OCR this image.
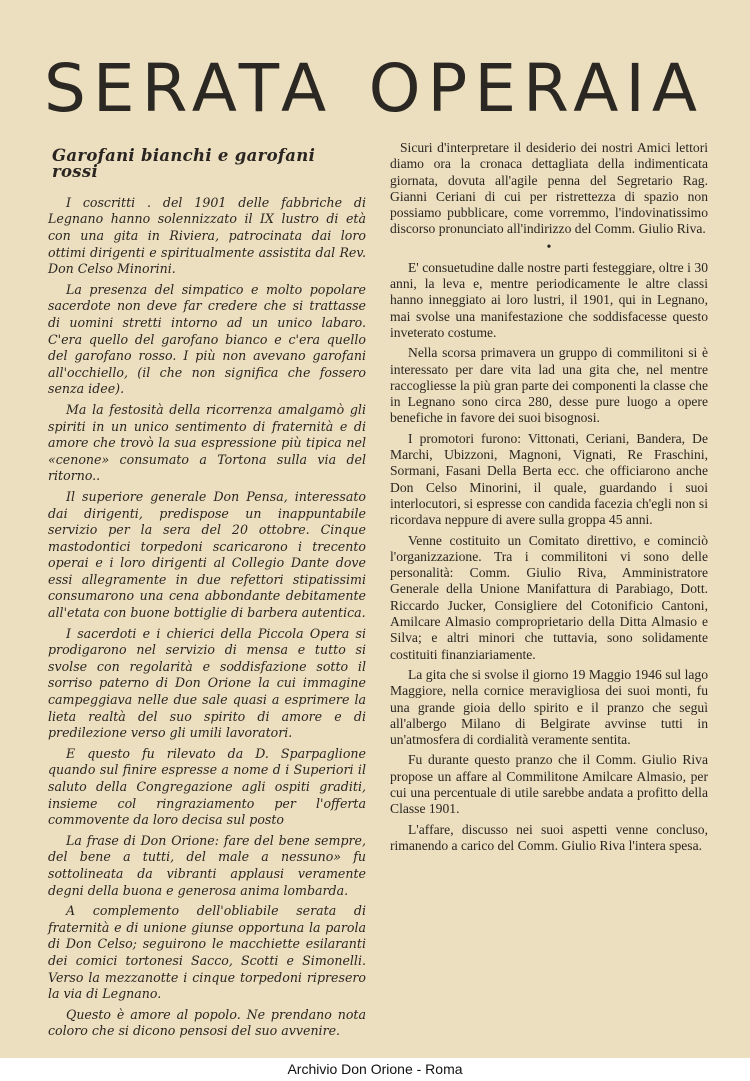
SERATA OPERAIA
Garofani bianchi e garofani rossi

I coscritti . del 1901 delle fabbriche di Legnano hanno solennizzato il IX lustro di età con una gita in Riviera, patrocinata dai loro ottimi dirigenti e spiritualmente assistita dal Rev. Don Celso Minorini.

La presenza del simpatico e molto popolare sacerdote non deve far credere che si trattasse di uomini stretti intorno ad un unico labaro. C'era quello del garofano bianco e c'era quello del garofano rosso. I più non avevano garofani all'occhiello, (il che non significa che fossero senza idee).

Ma la festosità della ricorrenza amalgamò gli spiriti in un unico sentimento di fraternità e di amore che trovò la sua espressione più tipica nel «cenone» consumato a Tortona sulla via del ritorno..

Il superiore generale Don Pensa, interessato dai dirigenti, predispose un inappuntabile servizio per la sera del 20 ottobre. Cinque mastodontici torpedoni scaricarono i trecento operai e i loro dirigenti al Collegio Dante dove essi allegramente in due refettori stipatissimi consumarono una cena abbondante debitamente all'etata con buone bottiglie di barbera autentica.

I sacerdoti e i chierici della Piccola Opera si prodigarono nel servizio di mensa e tutto si svolse con regolarità e soddisfazione sotto il sorriso paterno di Don Orione la cui immagine campeggiava nelle due sale quasi a esprimere la lieta realtà del suo spirito di amore e di predilezione verso gli umili lavoratori.

E questo fu rilevato da D. Sparpaglione quando sul finire espresse a nome d i Superiori il saluto della Congregazione agli ospiti graditi, insieme col ringraziamento per l'offerta commovente da loro decisa sul posto

La frase di Don Orione: fare del bene sempre, del bene a tutti, del male a nessuno» fu sottolineata da vibranti applausi veramente degni della buona e generosa anima lombarda.

A complemento dell'obliabile serata di fraternità e di unione giunse opportuna la parola di Don Celso; seguirono le macchiette esilaranti dei comici tortonesi Sacco, Scotti e Simonelli. Verso la mezzanotte i cinque torpedoni ripresero la via di Legnano.

Questo è amore al popolo. Ne prendano nota coloro che si dicono pensosi del suo avvenire.

Sicuri d'interpretare il desiderio dei nostri Amici lettori diamo ora la cronaca dettagliata della indimenticata giornata, dovuta all'agile penna del Segretario Rag. Gianni Ceriani di cui per ristrettezza di spazio non possiamo pubblicare, come vorremmo, l'indovinatissimo discorso pronunciato all'indirizzo del Comm. Giulio Riva.

•

E' consuetudine dalle nostre parti festeggiare, oltre i 30 anni, la leva e, mentre periodicamente le altre classi hanno inneggiato ai loro lustri, il 1901, qui in Legnano, mai svolse una manifestazione che soddisfacesse questo inveterato costume.

Nella scorsa primavera un gruppo di commilitoni si è interessato per dare vita lad una gita che, nel mentre raccogliesse la più gran parte dei componenti la classe che in Legnano sono circa 280, desse pure luogo a opere benefiche in favore dei suoi bisognosi.

I promotori furono: Vittonati, Ceriani, Bandera, De Marchi, Ubizzoni, Magnoni, Vignati, Re Fraschini, Sormani, Fasani Della Berta ecc. che officiarono anche Don Celso Minorini, il quale, guardando i suoi interlocutori, si espresse con candida facezia ch'egli non si ricordava neppure di avere sulla groppa 45 anni.

Venne costituito un Comitato direttivo, e cominciò l'organizzazione. Tra i commilitoni vi sono delle personalità: Comm. Giulio Riva, Amministratore Generale della Unione Manifattura di Parabiago, Dott. Riccardo Jucker, Consigliere del Cotonificio Cantoni, Amilcare Almasio comproprietario della Ditta Almasio e Silva; e altri minori che tuttavia, sono solidamente costituiti finanziariamente.

La gita che si svolse il giorno 19 Maggio 1946 sul lago Maggiore, nella cornice meravigliosa dei suoi monti, fu una grande gioia dello spirito e il pranzo che seguì all'albergo Milano di Belgirate avvinse tutti in un'atmosfera di cordialità veramente sentita.

Fu durante questo pranzo che il Comm. Giulio Riva propose un affare al Commilitone Amilcare Almasio, per cui una percentuale di utile sarebbe andata a profitto della Classe 1901.

L'affare, discusso nei suoi aspetti venne concluso, rimanendo a carico del Comm. Giulio Riva l'intera spesa.

Archivio Don Orione - Roma
